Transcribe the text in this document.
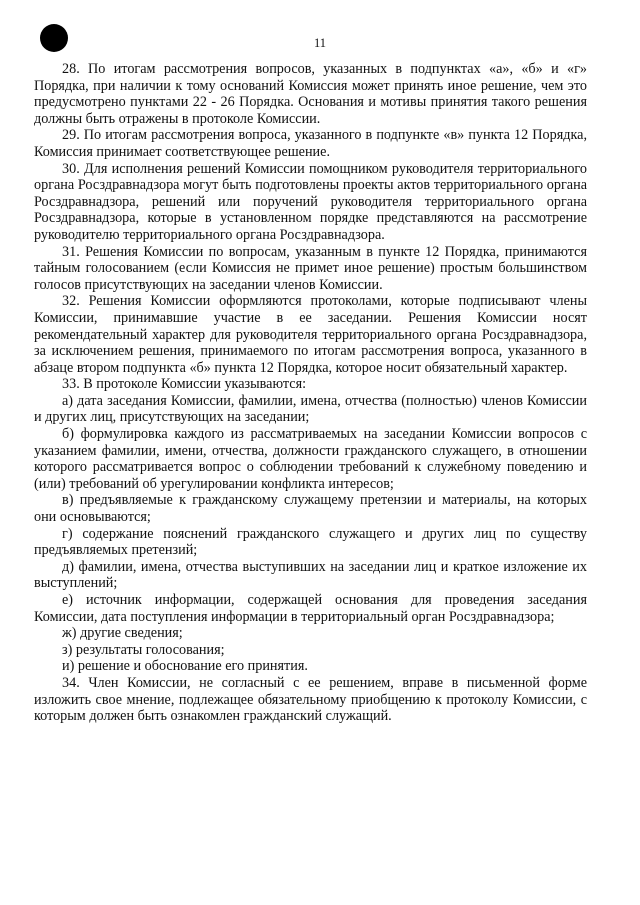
11

28. По итогам рассмотрения вопросов, указанных в подпунктах «а», «б» и «г» Порядка, при наличии к тому оснований Комиссия может принять иное решение, чем это предусмотрено пунктами 22 - 26 Порядка. Основания и мотивы принятия такого решения должны быть отражены в протоколе Комиссии.

29. По итогам рассмотрения вопроса, указанного в подпункте «в» пункта 12 Порядка, Комиссия принимает соответствующее решение.

30. Для исполнения решений Комиссии помощником руководителя территориального органа Росздравнадзора могут быть подготовлены проекты актов территориального органа Росздравнадзора, решений или поручений руководителя территориального органа Росздравнадзора, которые в установленном порядке представляются на рассмотрение руководителю территориального органа Росздравнадзора.

31. Решения Комиссии по вопросам, указанным в пункте 12 Порядка, принимаются тайным голосованием (если Комиссия не примет иное решение) простым большинством голосов присутствующих на заседании членов Комиссии.

32. Решения Комиссии оформляются протоколами, которые подписывают члены Комиссии, принимавшие участие в ее заседании. Решения Комиссии носят рекомендательный характер для руководителя территориального органа Росздравнадзора, за исключением решения, принимаемого по итогам рассмотрения вопроса, указанного в абзаце втором подпункта «б» пункта 12 Порядка, которое носит обязательный характер.

33. В протоколе Комиссии указываются:

а) дата заседания Комиссии, фамилии, имена, отчества (полностью) членов Комиссии и других лиц, присутствующих на заседании;

б) формулировка каждого из рассматриваемых на заседании Комиссии вопросов с указанием фамилии, имени, отчества, должности гражданского служащего, в отношении которого рассматривается вопрос о соблюдении требований к служебному поведению и (или) требований об урегулировании конфликта интересов;

в) предъявляемые к гражданскому служащему претензии и материалы, на которых они основываются;

г) содержание пояснений гражданского служащего и других лиц по существу предъявляемых претензий;

д) фамилии, имена, отчества выступивших на заседании лиц и краткое изложение их выступлений;

е) источник информации, содержащей основания для проведения заседания Комиссии, дата поступления информации в территориальный орган Росздравнадзора;

ж) другие сведения;

з) результаты голосования;

и) решение и обоснование его принятия.

34. Член Комиссии, не согласный с ее решением, вправе в письменной форме изложить свое мнение, подлежащее обязательному приобщению к протоколу Комиссии, с которым должен быть ознакомлен гражданский служащий.
